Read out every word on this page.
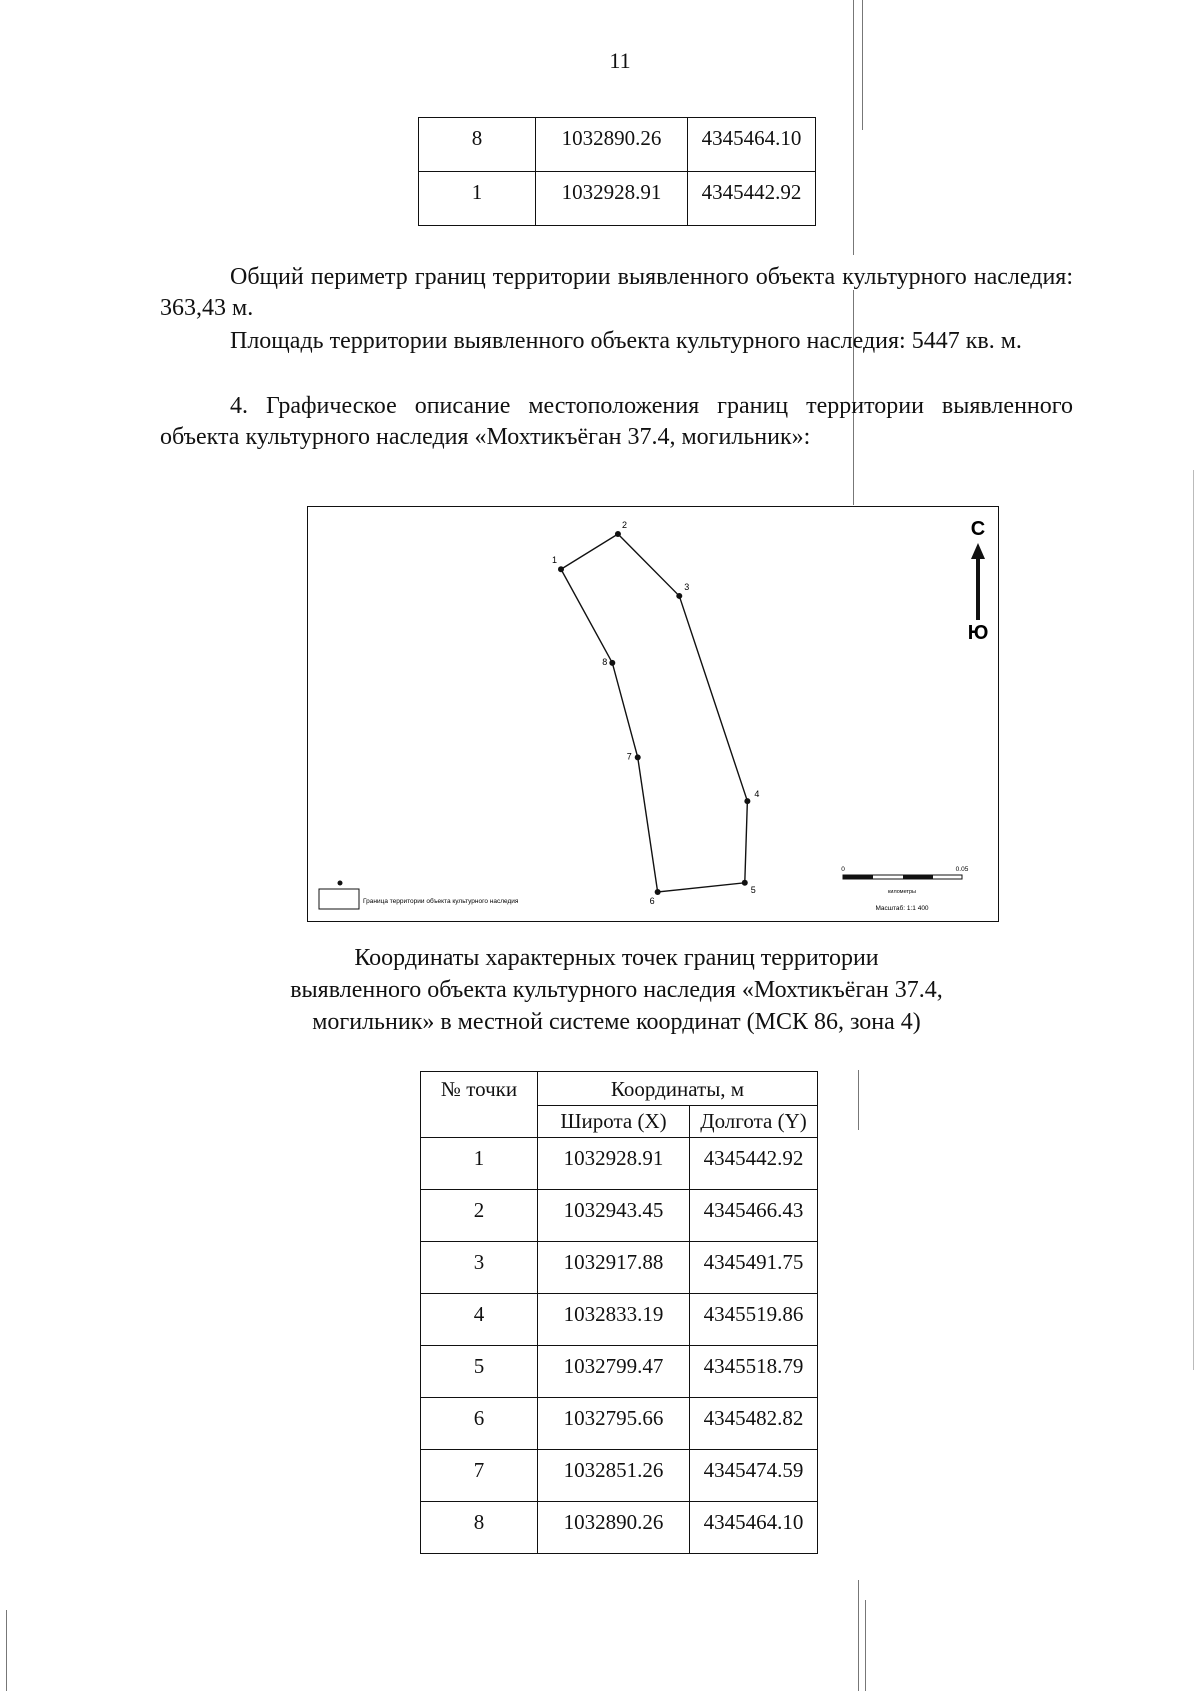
11
8	1032890.26	4345464.10
1	1032928.91	4345442.92

Общий периметр границ территории выявленного объекта культурного наследия: 363,43 м.

Площадь территории выявленного объекта культурного наследия: 5447 кв. м.

4. Графическое описание местоположения границ территории выявленного объекта культурного наследия «Мохтикъёган 37.4, могильник»:

1
2
3
4
5
6
7
8
С
Ю
Граница территории объекта культурного наследия
0	0.05
километры
Масштаб: 1:1 400
Координаты характерных точек границ территории
выявленного объекта культурного наследия «Мохтикъёган 37.4,
могильник» в местной системе координат (МСК 86, зона 4)
№ точки	Координаты, м	
	Широта (X)	Долгота (Y)
1	1032928.91	4345442.92
2	1032943.45	4345466.43
3	1032917.88	4345491.75
4	1032833.19	4345519.86
5	1032799.47	4345518.79
6	1032795.66	4345482.82
7	1032851.26	4345474.59
8	1032890.26	4345464.10
